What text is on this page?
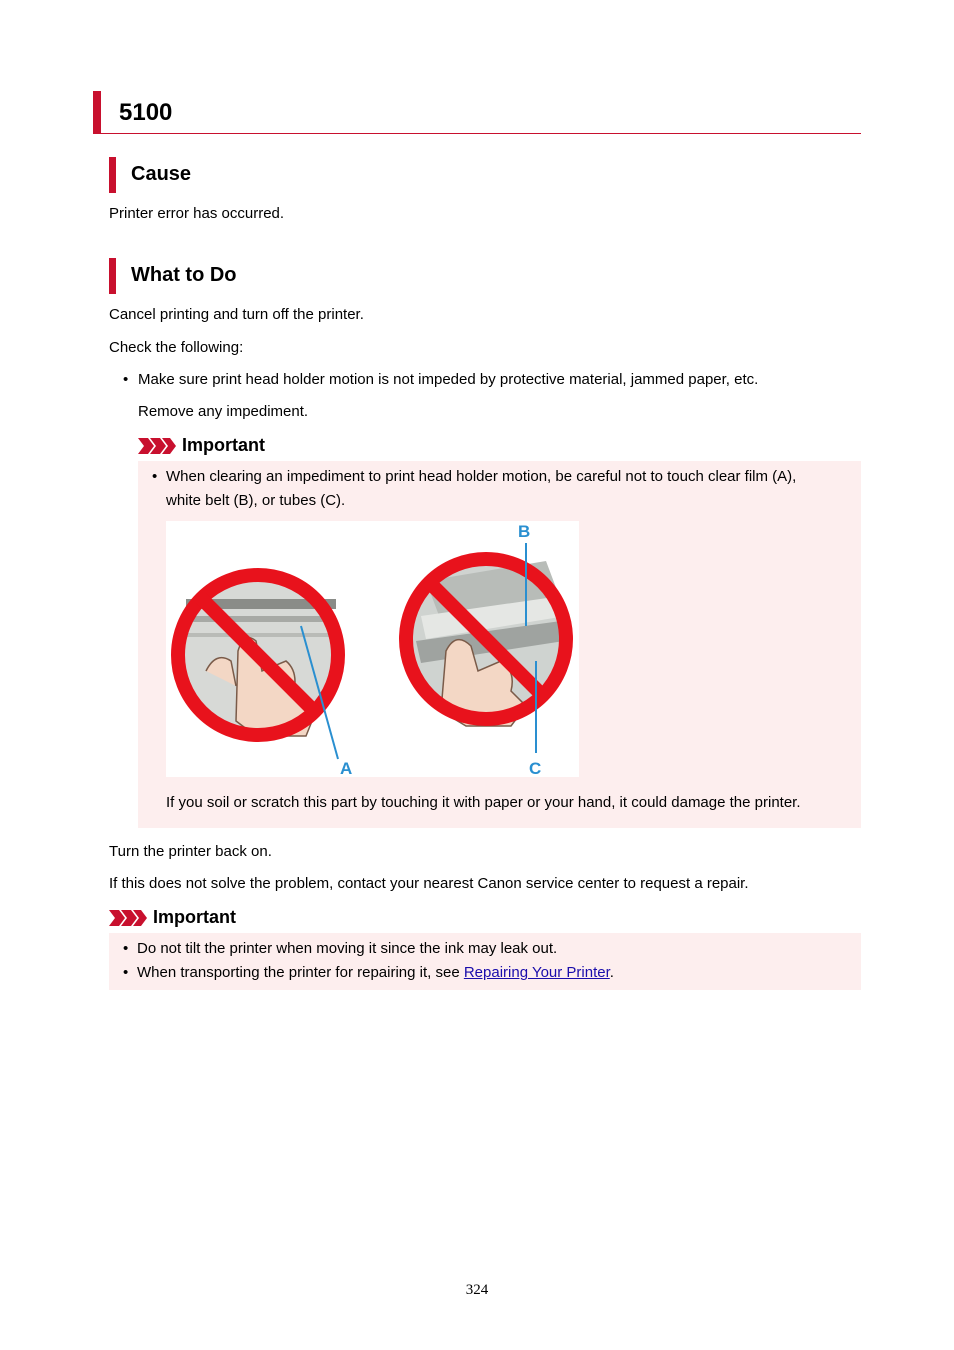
5100
Cause
Printer error has occurred.
What to Do
Cancel printing and turn off the printer.
Check the following:
• Make sure print head holder motion is not impeded by protective material, jammed paper, etc.
Remove any impediment.
Important
• When clearing an impediment to print head holder motion, be careful not to touch clear film (A),
white belt (B), or tubes (C).
A
B
C
If you soil or scratch this part by touching it with paper or your hand, it could damage the printer.
Turn the printer back on.
If this does not solve the problem, contact your nearest Canon service center to request a repair.
Important
• Do not tilt the printer when moving it since the ink may leak out.
• When transporting the printer for repairing it, see Repairing Your Printer.
324
